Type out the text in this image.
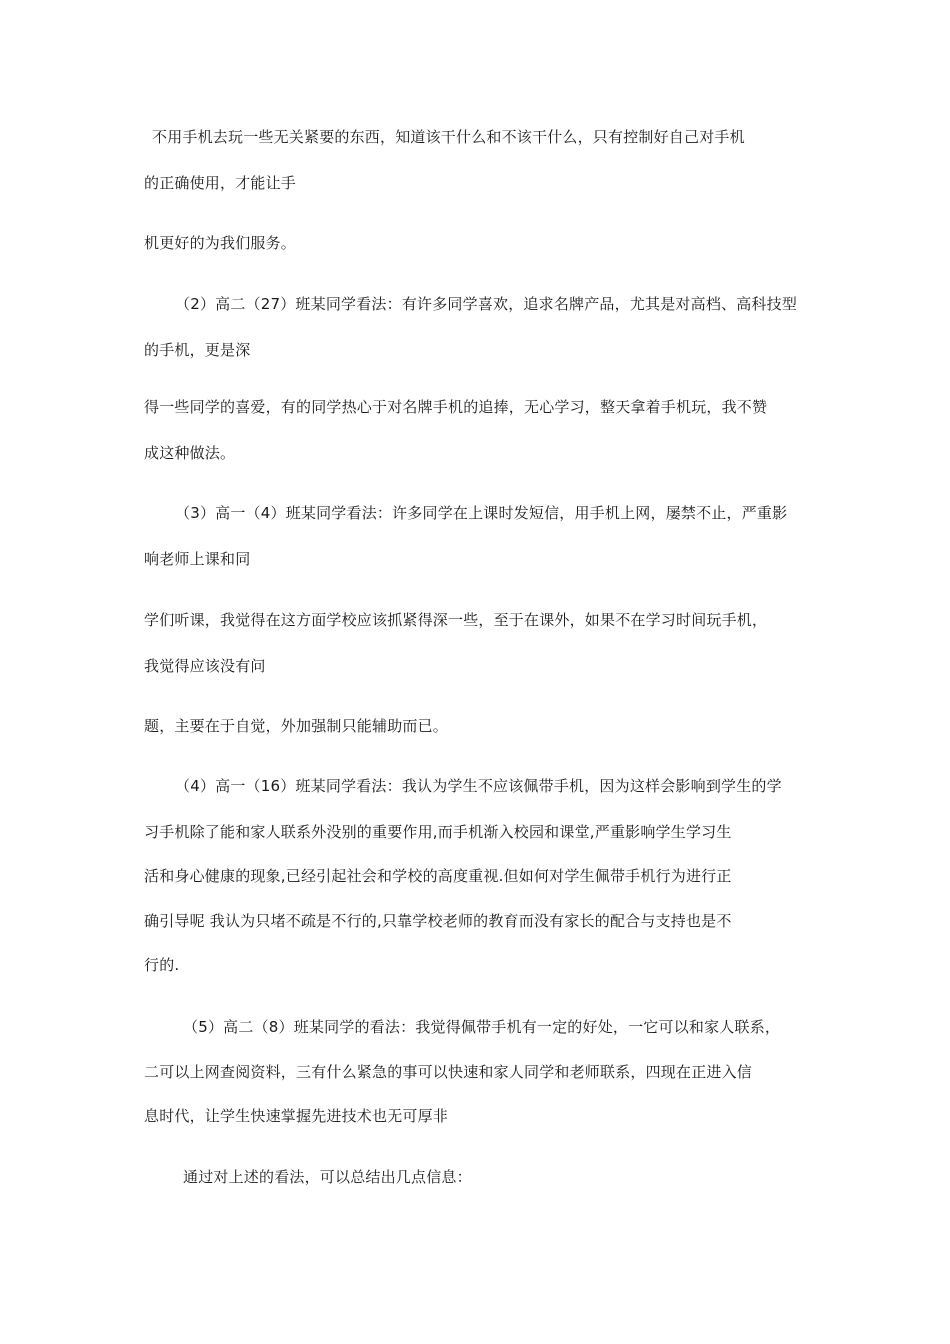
不用手机去玩一些无关紧要的东西，知道该干什么和不该干什么，只有控制好自己对手机
的正确使用，才能让手
机更好的为我们服务。
（2）高二（27）班某同学看法：有许多同学喜欢，追求名牌产品，尤其是对高档、高科技型
的手机，更是深
得一些同学的喜爱，有的同学热心于对名牌手机的追捧，无心学习，整天拿着手机玩，我不赞
成这种做法。
（3）高一（4）班某同学看法：许多同学在上课时发短信，用手机上网，屡禁不止，严重影
响老师上课和同
学们听课，我觉得在这方面学校应该抓紧得深一些，至于在课外，如果不在学习时间玩手机，
我觉得应该没有问
题，主要在于自觉，外加强制只能辅助而已。
（4）高一（16）班某同学看法：我认为学生不应该佩带手机，因为这样会影响到学生的学
习手机除了能和家人联系外没别的重要作用,而手机渐入校园和课堂,严重影响学生学习生
活和身心健康的现象,已经引起社会和学校的高度重视.但如何对学生佩带手机行为进行正
确引导呢 我认为只堵不疏是不行的,只靠学校老师的教育而没有家长的配合与支持也是不
行的.
（5）高二（8）班某同学的看法：我觉得佩带手机有一定的好处，一它可以和家人联系，
二可以上网查阅资料，三有什么紧急的事可以快速和家人同学和老师联系，四现在正进入信
息时代，让学生快速掌握先进技术也无可厚非
通过对上述的看法，可以总结出几点信息：
